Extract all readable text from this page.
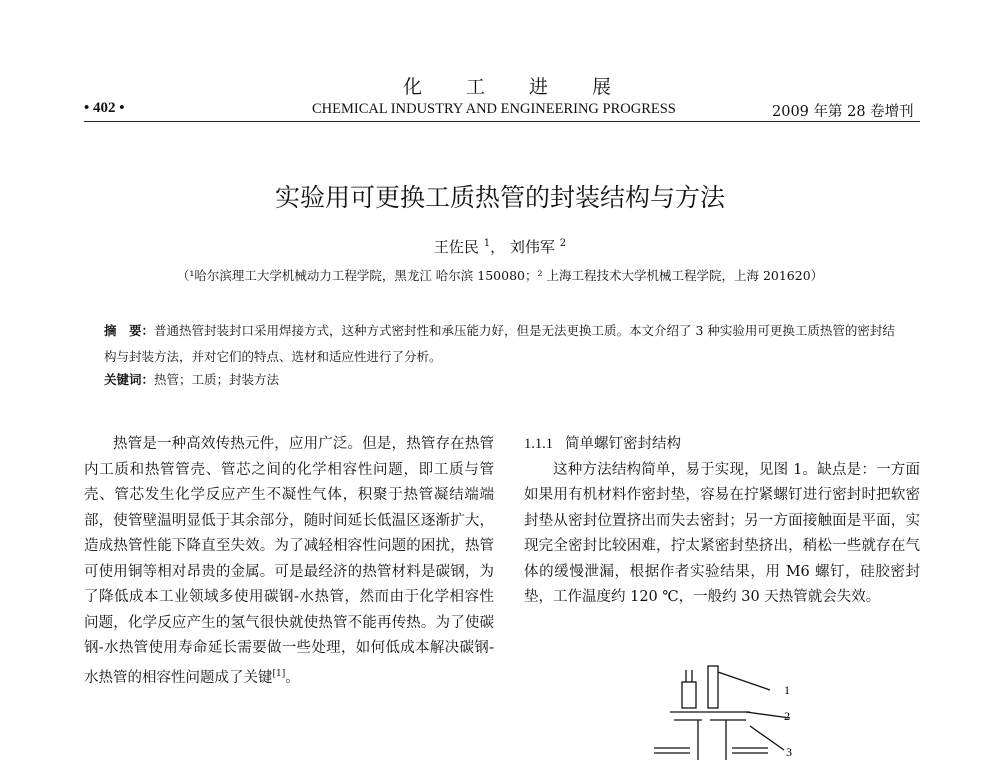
化工进展
• 402 •	CHEMICAL INDUSTRY AND ENGINEERING PROGRESS	2009 年第 28 卷增刊
实验用可更换工质热管的封装结构与方法
王佐民 $^1$， 刘伟军 $^2$
（¹哈尔滨理工大学机械动力工程学院，黑龙江 哈尔滨 150080；² 上海工程技术大学机械工程学院，上海 201620）
摘　要：普通热管封装封口采用焊接方式，这种方式密封性和承压能力好，但是无法更换工质。本文介绍了 3 种实验用可更换工质热管的密封结构与封装方法，并对它们的特点、选材和适应性进行了分析。
关键词：热管；工质；封装方法
热管是一种高效传热元件，应用广泛。但是，热管存在热管内工质和热管管壳、管芯之间的化学相容性问题，即工质与管壳、管芯发生化学反应产生不凝性气体，积聚于热管凝结端端部，使管壁温明显低于其余部分，随时间延长低温区逐渐扩大，造成热管性能下降直至失效。为了减轻相容性问题的困扰，热管可使用铜等相对昂贵的金属。可是最经济的热管材料是碳钢，为了降低成本工业领域多使用碳钢-水热管，然而由于化学相容性问题，化学反应产生的氢气很快就使热管不能再传热。为了使碳钢-水热管使用寿命延长需要做一些处理，如何低成本解决碳钢-水热管的相容性问题成了关键[1]。
1.1.1 简单螺钉密封结构
这种方法结构简单，易于实现，见图 1。缺点是：一方面如果用有机材料作密封垫，容易在拧紧螺钉进行密封时把软密封垫从密封位置挤出而失去密封；另一方面接触面是平面，实现完全密封比较困难，拧太紧密封垫挤出，稍松一些就存在气体的缓慢泄漏，根据作者实验结果，用 M6 螺钉，硅胶密封垫，工作温度约 120 ℃，一般约 30 天热管就会失效。
1
2
3
